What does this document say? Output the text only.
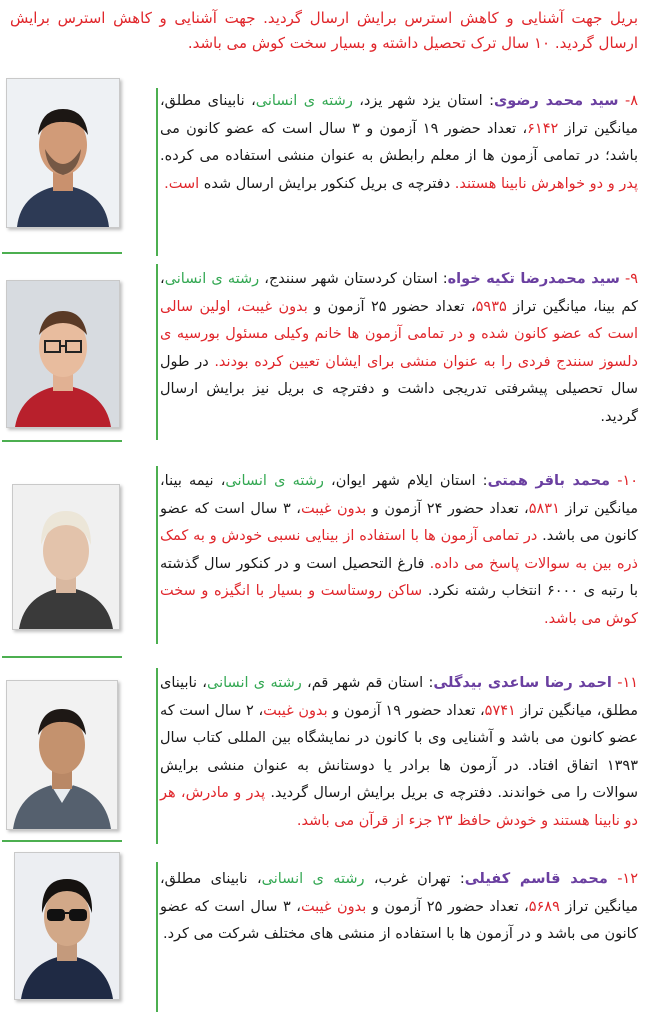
بریل جهت آشنایی و کاهش استرس برایش ارسال گردید. جهت آشنایی و کاهش استرس برایش ارسال گردید. ۱۰ سال ترک تحصیل داشته و بسیار سخت کوش می باشد.
۸- سید محمد رضوی: استان یزد شهر یزد، رشته ی انسانی، نابینای مطلق، میانگین تراز ۶۱۴۲، تعداد حضور ۱۹ آزمون و ۳ سال است که عضو کانون می باشد؛ در تمامی آزمون ها از معلم رابطش به عنوان منشی استفاده می کرده. پدر و دو خواهرش نابینا هستند. دفترچه ی بریل کنکور برایش ارسال شده است.
۹- سید محمدرضا تکیه خواه: استان کردستان شهر سنندج، رشته ی انسانی، کم بینا، میانگین تراز ۵۹۳۵، تعداد حضور ۲۵ آزمون و بدون غیبت، اولین سالی است که عضو کانون شده و در تمامی آزمون ها خانم وکیلی مسئول بورسیه ی دلسوز سنندج فردی را به عنوان منشی برای ایشان تعیین کرده بودند. در طول سال تحصیلی پیشرفتی تدریجی داشت و دفترچه ی بریل نیز برایش ارسال گردید.
۱۰- محمد باقر همتی: استان ایلام شهر ایوان، رشته ی انسانی، نیمه بینا، میانگین تراز ۵۸۳۱، تعداد حضور ۲۴ آزمون و بدون غیبت، ۳ سال است که عضو کانون می باشد. در تمامی آزمون ها با استفاده از بینایی نسبی خودش و به کمک ذره بین به سوالات پاسخ می داده. فارغ التحصیل است و در کنکور سال گذشته با رتبه ی ۶۰۰۰ انتخاب رشته نکرد. ساکن روستاست و بسیار با انگیزه و سخت کوش می باشد.
۱۱- احمد رضا ساعدی بیدگلی: استان قم شهر قم، رشته ی انسانی، نابینای مطلق، میانگین تراز ۵۷۴۱، تعداد حضور ۱۹ آزمون و بدون غیبت، ۲ سال است که عضو کانون می باشد و آشنایی وی با کانون در نمایشگاه بین المللی کتاب سال ۱۳۹۳ اتفاق افتاد. در آزمون ها برادر یا دوستانش به عنوان منشی برایش سوالات را می خواندند. دفترچه ی بریل برایش ارسال گردید. پدر و مادرش، هر دو نابینا هستند و خودش حافظ ۲۳ جزء از قرآن می باشد.
۱۲- محمد قاسم کفیلی: تهران غرب، رشته ی انسانی، نابینای مطلق، میانگین تراز ۵۶۸۹، تعداد حضور ۲۵ آزمون و بدون غیبت، ۳ سال است که عضو کانون می باشد و در آزمون ها با استفاده از منشی های مختلف شرکت می کرد.
